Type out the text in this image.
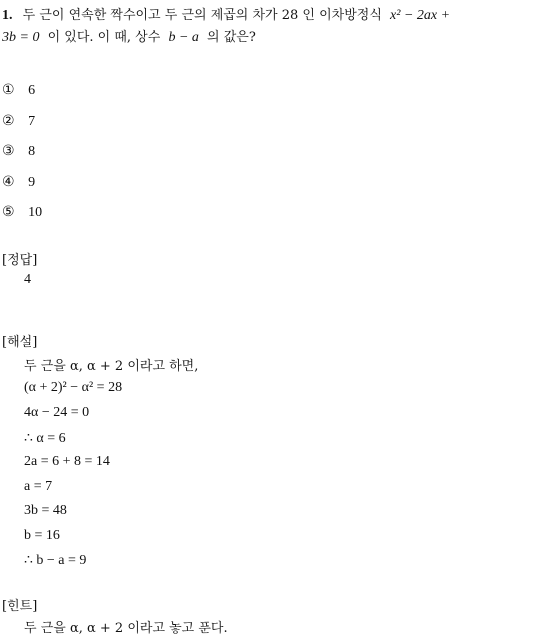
1. 두 근이 연속한 짝수이고 두 근의 제곱의 차가 28 인 이차방정식 x² − 2ax +
3b = 0 이 있다. 이 때, 상수 b − a 의 값은?
① 6
② 7
③ 8
④ 9
⑤ 10
[정답]
4
[해설]
두 근을 α, α + 2 이라고 하면,
(α + 2)² − α² = 28
4α − 24 = 0
∴ α = 6
2a = 6 + 8 = 14
a = 7
3b = 48
b = 16
∴ b − a = 9
[힌트]
두 근을 α, α + 2 이라고 놓고 푼다.
